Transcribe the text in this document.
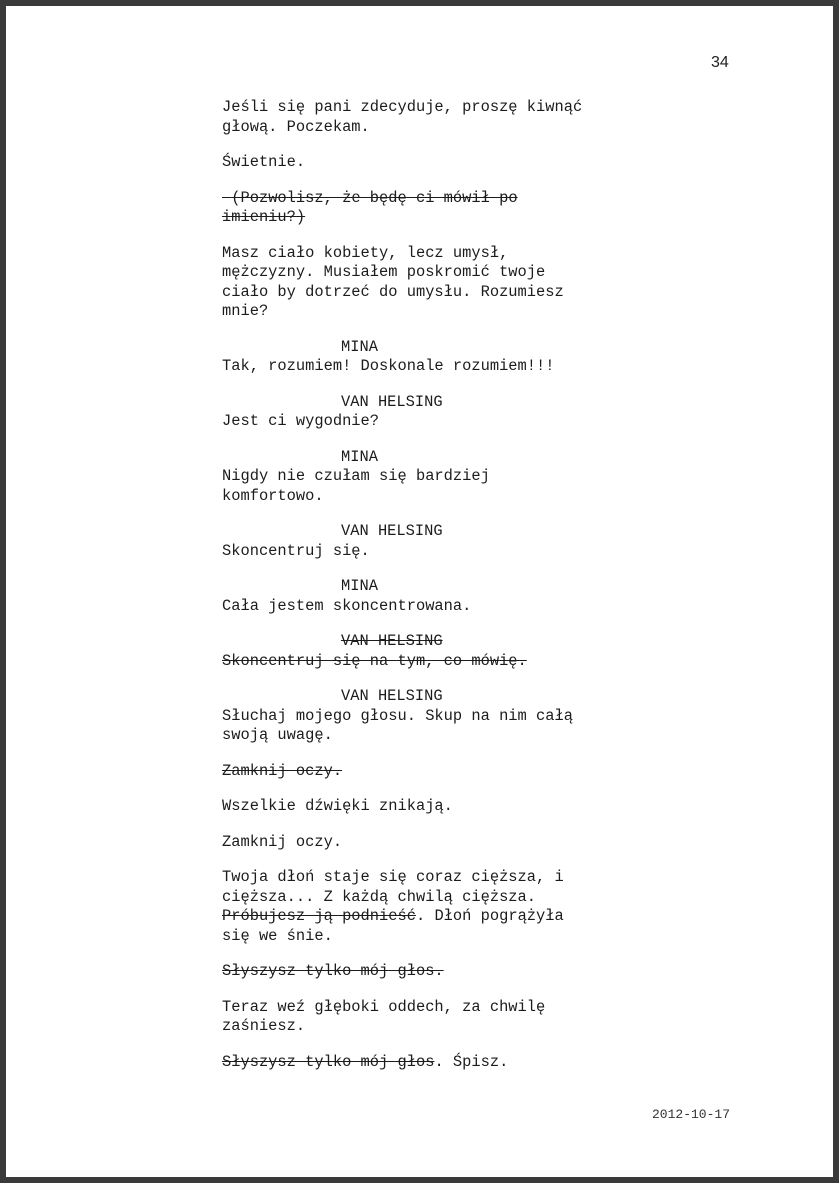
34
Jeśli się pani zdecyduje, proszę kiwnąć
głową. Poczekam.
Świetnie.
(Pozwolisz, że będę ci mówił po
imieniu?)
Masz ciało kobiety, lecz umysł,
mężczyzny. Musiałem poskromić twoje
ciało by dotrzeć do umysłu. Rozumiesz
mnie?
MINA
Tak, rozumiem! Doskonale rozumiem!!!
VAN HELSING
Jest ci wygodnie?
MINA
Nigdy nie czułam się bardziej
komfortowo.
VAN HELSING
Skoncentruj się.
MINA
Cała jestem skoncentrowana.
VAN HELSING
Skoncentruj się na tym, co mówię.
VAN HELSING
Słuchaj mojego głosu. Skup na nim całą
swoją uwagę.
Zamknij oczy.
Wszelkie dźwięki znikają.
Zamknij oczy.
Twoja dłoń staje się coraz cięższa, i
cięższa... Z każdą chwilą cięższa.
Próbujesz ją podnieść. Dłoń pogrążyła
się we śnie.
Słyszysz tylko mój głos.
Teraz weź głęboki oddech, za chwilę
zaśniesz.
Słyszysz tylko mój głos. Śpisz.
2012-10-17
